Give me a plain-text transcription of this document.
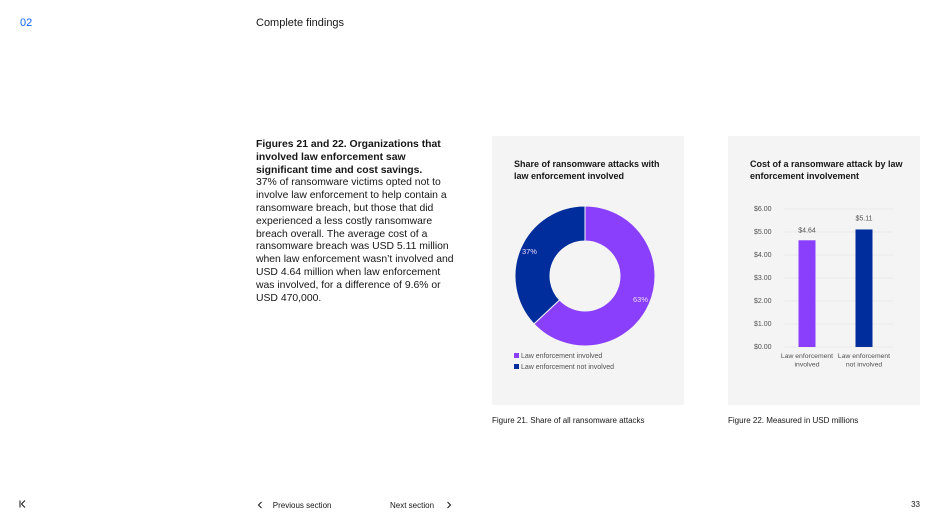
02	Complete findings
Figures 21 and 22. Organizations that involved law enforcement saw significant time and cost savings.
37% of ransomware victims opted not to involve law enforcement to help contain a ransomware breach, but those that did experienced a less costly ransomware breach overall. The average cost of a ransomware breach was USD 5.11 million when law enforcement wasn’t involved and USD 4.64 million when law enforcement was involved, for a difference of 9.6% or USD 470,000.
Share of ransomware attacks with law enforcement involved
63%
37%
Law enforcement involved
Law enforcement not involved
Cost of a ransomware attack by law enforcement involvement
$0.00
$1.00
$2.00
$3.00
$4.00
$5.00
$6.00
$4.64
Law enforcement
involved
$5.11
Law enforcement
not involved
Figure 21. Share of all ransomware attacks	Figure 22. Measured in USD millions
Previous section	Next section	33
